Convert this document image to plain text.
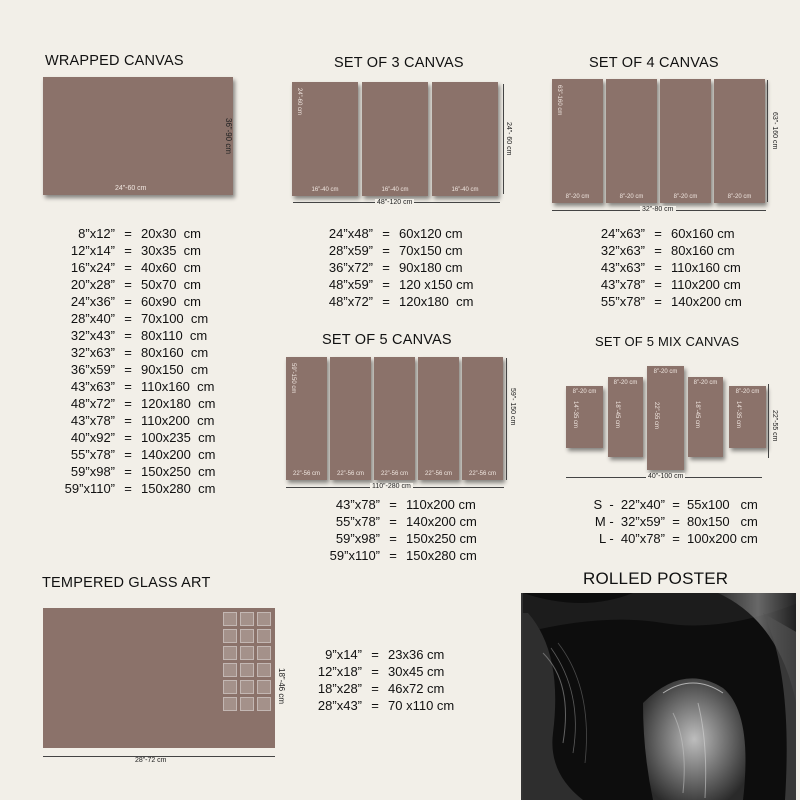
WRAPPED CANVAS
24”-60 cm
36”-90 cm
8”x12” = 20x30  cm
12”x14” = 30x35  cm
16”x24” = 40x60  cm
20”x28” = 50x70  cm
24”x36” = 60x90  cm
28”x40” = 70x100  cm
32”x43” = 80x110  cm
32”x63” = 80x160  cm
36”x59” = 90x150  cm
43”x63” = 110x160  cm
48”x72” = 120x180  cm
43”x78” = 110x200  cm
40”x92” = 100x235  cm
55”x78” = 140x200  cm
59”x98” = 150x250  cm
59”x110” = 150x280  cm
SET OF 3 CANVAS
16”-40 cm
24”-60 cm
16”-40 cm	16”-40 cm
24”- 60 cm
48”-120 cm
24”x48” = 60x120 cm
28”x59” = 70x150 cm
36”x72” = 90x180 cm
48”x59” = 120 x150 cm
48”x72” = 120x180  cm
SET OF 4 CANVAS
8”-20 cm
63”-160 cm
8”-20 cm	8”-20 cm	8”-20 cm
63”- 160 cm
32”-80 cm
24”x63” = 60x160 cm
32”x63” = 80x160 cm
43”x63” = 110x160 cm
43”x78” = 110x200 cm
55”x78” = 140x200 cm
SET OF 5 CANVAS
22”-56 cm
59”-150 cm
22”-56 cm	22”-56 cm	22”-56 cm	22”-56 cm
59”- 150 cm
110”-280 cm
43”x78” = 110x200 cm
55”x78” = 140x200 cm
59”x98” = 150x250 cm
59”x110” = 150x280 cm
SET OF 5 MIX CANVAS
8”-20 cm
14”-35 cm
8”-20 cm
18”-45 cm
8”-20 cm
22”-55 cm
8”-20 cm
18”-45 cm
8”-20 cm
14”-35 cm	22”-55 cm
40”-100 cm
S  -  22”x40” = 55x100   cm
M -  32”x59” = 80x150   cm
L -  40”x78” = 100x200 cm
TEMPERED GLASS ART
18”-46 cm
28”-72 cm
9”x14” = 23x36 cm
12”x18” = 30x45 cm
18”x28” = 46x72 cm
28”x43” = 70 x110 cm
ROLLED POSTER
